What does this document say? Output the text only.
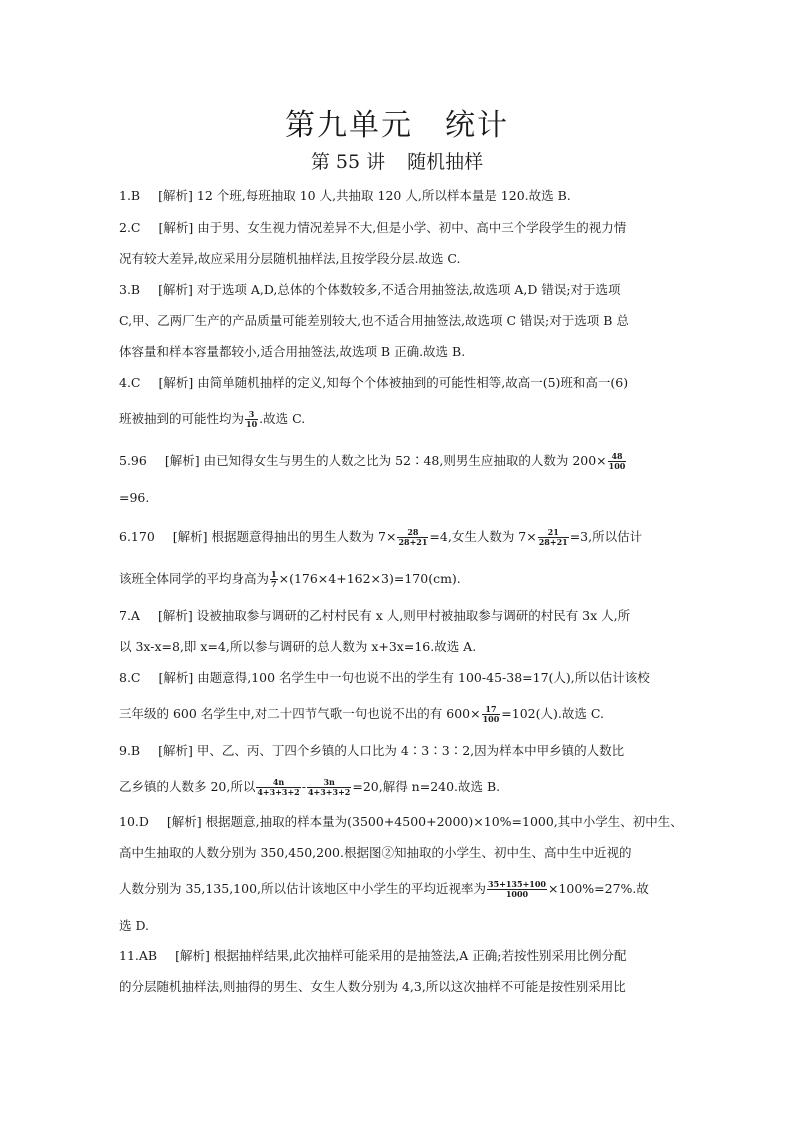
第九单元 统计
第 55 讲 随机抽样
1.B [解析] 12 个班,每班抽取 10 人,共抽取 120 人,所以样本量是 120.故选 B.
2.C [解析] 由于男、女生视力情况差异不大,但是小学、初中、高中三个学段学生的视力情
况有较大差异,故应采用分层随机抽样法,且按学段分层.故选 C.
3.B [解析] 对于选项 A,D,总体的个体数较多,不适合用抽签法,故选项 A,D 错误;对于选项
C,甲、乙两厂生产的产品质量可能差别较大,也不适合用抽签法,故选项 C 错误;对于选项 B 总
体容量和样本容量都较小,适合用抽签法,故选项 B 正确.故选 B.
4.C [解析] 由简单随机抽样的定义,知每个个体被抽到的可能性相等,故高一(5)班和高一(6)
班被抽到的可能性均为 $\frac{3}{10}$ .故选 C.
5.96 [解析] 由已知得女生与男生的人数之比为 52∶48,则男生应抽取的人数为 $200\times \frac{48}{100}$
=96.
6.170 [解析] 根据题意得抽出的男生人数为 $7\times \frac{28}{28+21} =4$,女生人数为 $7\times \frac{21}{28+21} =3$,所以估计
该班全体同学的平均身高为 $\frac{1}{7} \times(176\times 4+162\times 3)=170(cm)$.
7.A [解析] 设被抽取参与调研的乙村村民有 x 人,则甲村被抽取参与调研的村民有 3x 人,所
以 3x-x=8,即 x=4,所以参与调研的总人数为 x+3x=16.故选 A.
8.C [解析] 由题意得,100 名学生中一句也说不出的学生有 100-45-38=17(人),所以估计该校
三年级的 600 名学生中,对二十四节气歌一句也说不出的有 $600\times \frac{17}{100} =102$(人).故选 C.
9.B [解析] 甲、乙、丙、丁四个乡镇的人口比为 4∶3∶3∶2,因为样本中甲乡镇的人数比
乙乡镇的人数多 20,所以 $\frac{4n}{4+3+3+2} - \frac{3n}{4+3+3+2} =20$,解得 n=240.故选 B.
10.D [解析] 根据题意,抽取的样本量为(3500+4500+2000)×10%=1000,其中小学生、初中生、
高中生抽取的人数分别为 350,450,200.根据图②知抽取的小学生、初中生、高中生中近视的
人数分别为 35,135,100,所以估计该地区中小学生的平均近视率为 $\frac{35+135+100}{1000} \times 100\%=27\%$.故
选 D.
11.AB [解析] 根据抽样结果,此次抽样可能采用的是抽签法,A 正确;若按性别采用比例分配
的分层随机抽样法,则抽得的男生、女生人数分别为 4,3,所以这次抽样不可能是按性别采用比
